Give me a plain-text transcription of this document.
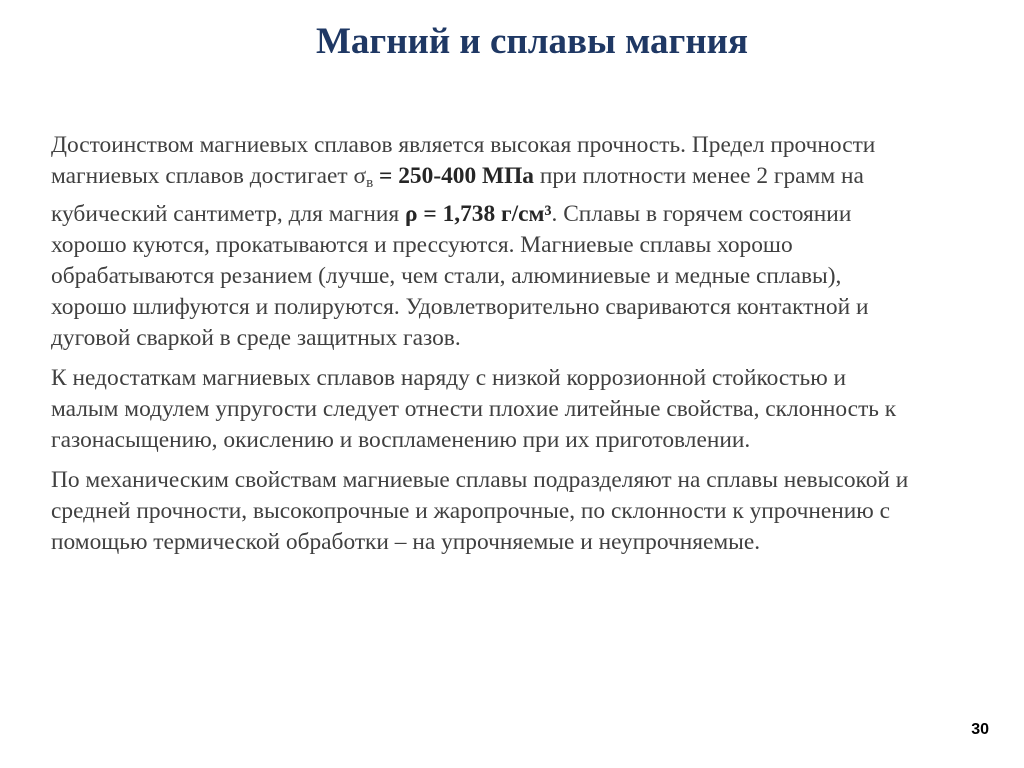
Магний и сплавы магния

Достоинством магниевых сплавов является высокая прочность. Предел прочности
магниевых сплавов достигает $\sigma_в = 250-400$ МПа при плотности менее 2 грамм на
кубический сантиметр, для магния ρ = 1,738 г/см³. Сплавы в горячем состоянии
хорошо куются, прокатываются и прессуются. Магниевые сплавы хорошо
обрабатываются резанием (лучше, чем стали, алюминиевые и медные сплавы),
хорошо шлифуются и полируются. Удовлетворительно свариваются контактной и
дуговой сваркой в среде защитных газов.

К недостаткам магниевых сплавов наряду с низкой коррозионной стойкостью и
малым модулем упругости следует отнести плохие литейные свойства, склонность к
газонасыщению, окислению и воспламенению при их приготовлении.

По механическим свойствам магниевые сплавы подразделяют на сплавы невысокой и
средней прочности, высокопрочные и жаропрочные, по склонности к упрочнению с
помощью термической обработки – на упрочняемые и неупрочняемые.

30
